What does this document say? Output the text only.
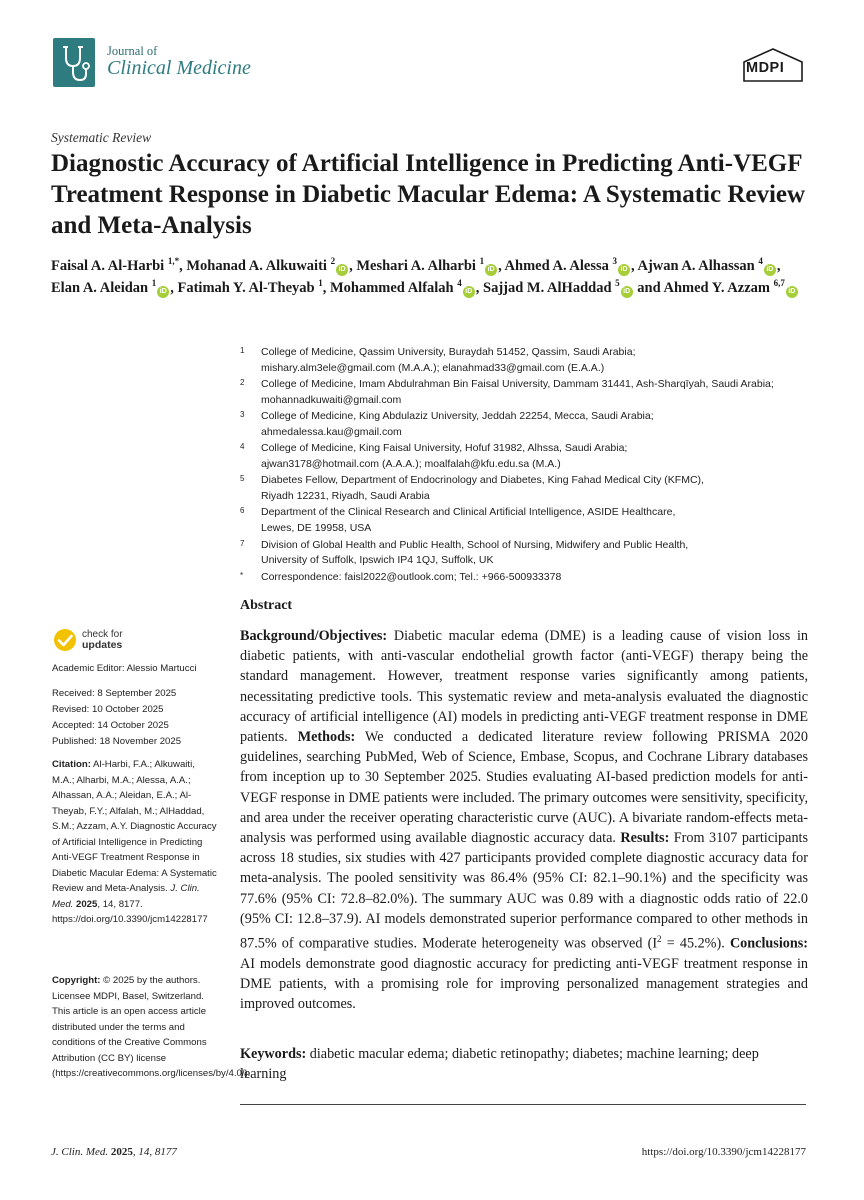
Journal of
Clinical Medicine	MDPI
Systematic Review
Diagnostic Accuracy of Artificial Intelligence in Predicting Anti-VEGF Treatment Response in Diabetic Macular Edema: A Systematic Review and Meta-Analysis
Faisal A. Al-Harbi $^{1,*}$, Mohanad A. Alkuwaiti $^2$iD , Meshari A. Alharbi $^1$iD , Ahmed A. Alessa $^3$iD , Ajwan A. Alhassan $^4$iD , Elan A. Aleidan $^1$iD , Fatimah Y. Al-Theyab $^1$, Mohammed Alfalah $^4$iD , Sajjad M. AlHaddad $^5$iD and Ahmed Y. Azzam $^{6,7}$iD
1 College of Medicine, Qassim University, Buraydah 51452, Qassim, Saudi Arabia;
mishary.alm3ele@gmail.com (M.A.A.); elanahmad33@gmail.com (E.A.A.)
2 College of Medicine, Imam Abdulrahman Bin Faisal University, Dammam 31441, Ash-Sharqīyah, Saudi Arabia;
mohannadkuwaiti@gmail.com
3 College of Medicine, King Abdulaziz University, Jeddah 22254, Mecca, Saudi Arabia;
ahmedalessa.kau@gmail.com
4 College of Medicine, King Faisal University, Hofuf 31982, Alhssa, Saudi Arabia;
ajwan3178@hotmail.com (A.A.A.); moalfalah@kfu.edu.sa (M.A.)
5 Diabetes Fellow, Department of Endocrinology and Diabetes, King Fahad Medical City (KFMC),
Riyadh 12231, Riyadh, Saudi Arabia
6 Department of the Clinical Research and Clinical Artificial Intelligence, ASIDE Healthcare,
Lewes, DE 19958, USA
7 Division of Global Health and Public Health, School of Nursing, Midwifery and Public Health,
University of Suffolk, Ipswich IP4 1QJ, Suffolk, UK
* Correspondence: faisl2022@outlook.com; Tel.: +966-500933378
check for
updates
Academic Editor: Alessio Martucci
Received: 8 September 2025
Revised: 10 October 2025
Accepted: 14 October 2025
Published: 18 November 2025
Citation: Al-Harbi, F.A.; Alkuwaiti, M.A.; Alharbi, M.A.; Alessa, A.A.; Alhassan, A.A.; Aleidan, E.A.; Al-Theyab, F.Y.; Alfalah, M.; AlHaddad, S.M.; Azzam, A.Y. Diagnostic Accuracy of Artificial Intelligence in Predicting Anti-VEGF Treatment Response in Diabetic Macular Edema: A Systematic Review and Meta-Analysis. J. Clin. Med. 2025, 14, 8177. https://doi.org/10.3390/jcm14228177
Copyright: © 2025 by the authors. Licensee MDPI, Basel, Switzerland. This article is an open access article distributed under the terms and conditions of the Creative Commons Attribution (CC BY) license (https://creativecommons.org/licenses/by/4.0/).
Abstract
Background/Objectives: Diabetic macular edema (DME) is a leading cause of vision loss in diabetic patients, with anti-vascular endothelial growth factor (anti-VEGF) therapy being the standard management. However, treatment response varies significantly among patients, necessitating predictive tools. This systematic review and meta-analysis evaluated the diagnostic accuracy of artificial intelligence (AI) models in predicting anti-VEGF treatment response in DME patients. Methods: We conducted a dedicated literature review following PRISMA 2020 guidelines, searching PubMed, Web of Science, Embase, Scopus, and Cochrane Library databases from inception up to 30 September 2025. Studies evaluating AI-based prediction models for anti-VEGF response in DME patients were included. The primary outcomes were sensitivity, specificity, and area under the receiver operating characteristic curve (AUC). A bivariate random-effects meta-analysis was performed using available diagnostic accuracy data. Results: From 3107 participants across 18 studies, six studies with 427 participants provided complete diagnostic accuracy data for meta-analysis. The pooled sensitivity was 86.4% (95% CI: 82.1–90.1%) and the specificity was 77.6% (95% CI: 72.8–82.0%). The summary AUC was 0.89 with a diagnostic odds ratio of 22.0 (95% CI: 12.8–37.9). AI models demonstrated superior performance compared to other methods in 87.5% of comparative studies. Moderate heterogeneity was observed $(I^2 = 45.2\%)$. Conclusions: AI models demonstrate good diagnostic accuracy for predicting anti-VEGF treatment response in DME patients, with a promising role for improving personalized management strategies and improved outcomes.
Keywords: diabetic macular edema; diabetic retinopathy; diabetes; machine learning; deep learning
J. Clin. Med. 2025, 14, 8177	https://doi.org/10.3390/jcm14228177
